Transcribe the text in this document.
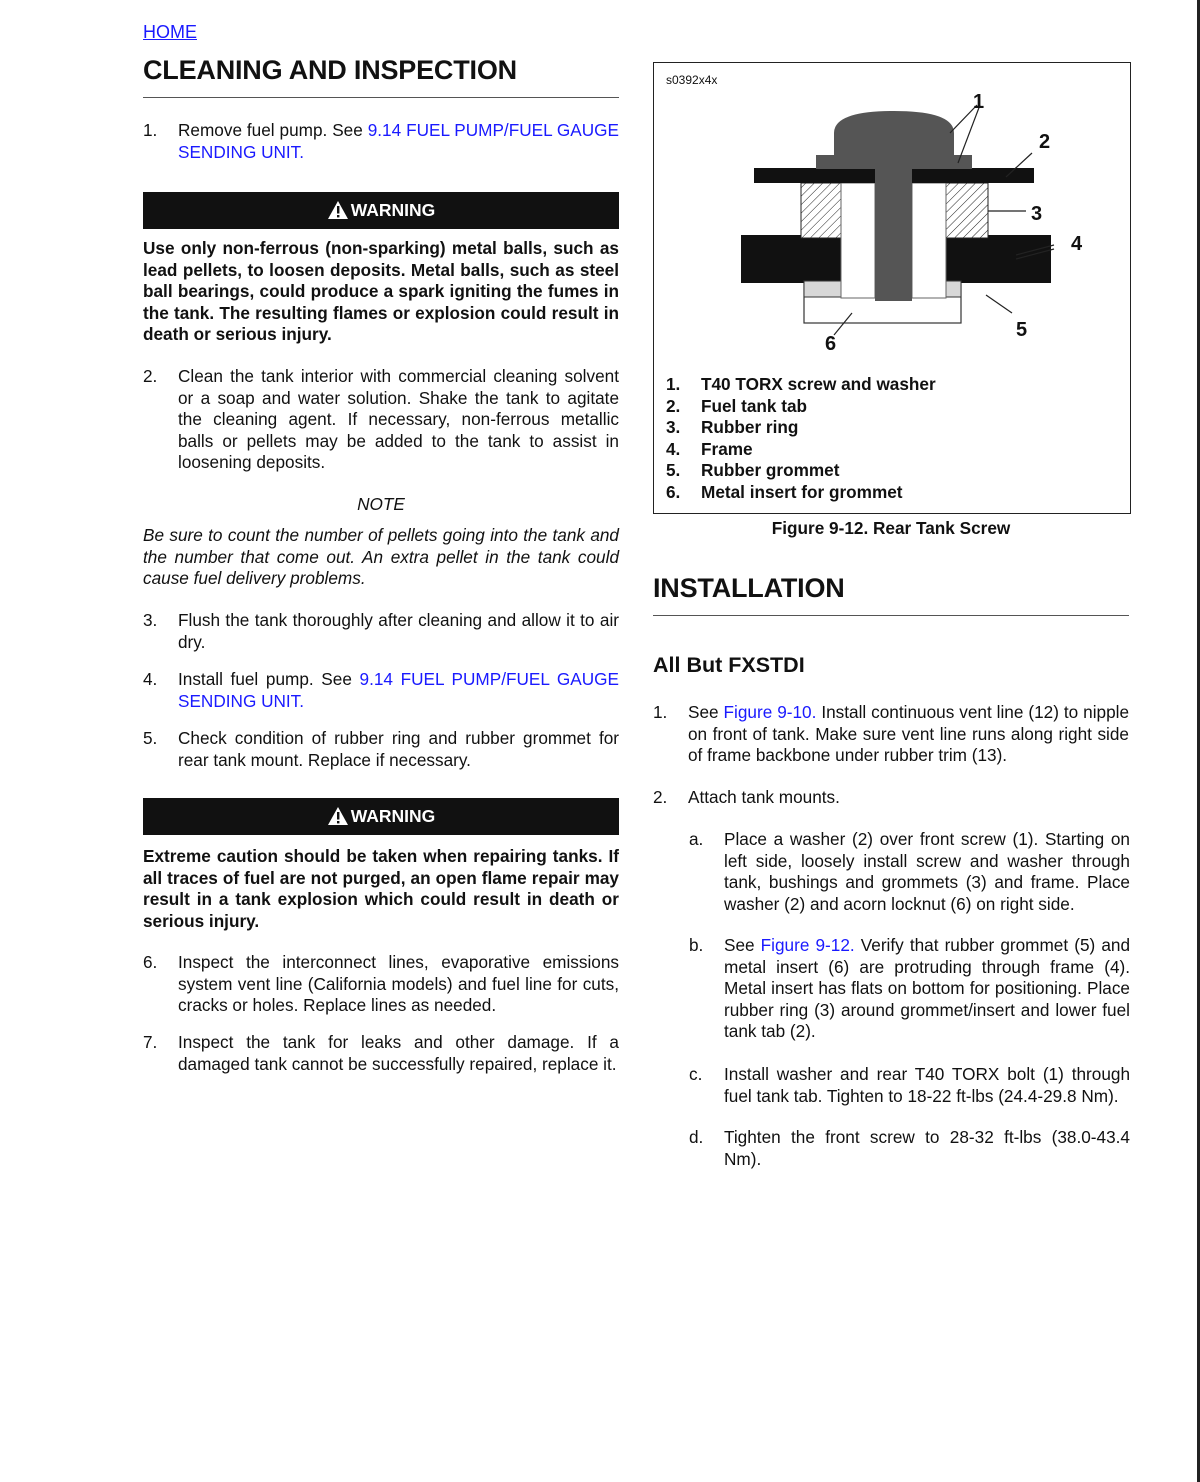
HOME
CLEANING AND INSPECTION
1. Remove fuel pump. See 9.14 FUEL PUMP/FUEL GAUGE SENDING UNIT.
WARNING
Use only non-ferrous (non-sparking) metal balls, such as lead pellets, to loosen deposits. Metal balls, such as steel ball bearings, could produce a spark igniting the fumes in the tank. The resulting flames or explosion could result in death or serious injury.
2. Clean the tank interior with commercial cleaning solvent or a soap and water solution. Shake the tank to agitate the cleaning agent. If necessary, non-ferrous metallic balls or pellets may be added to the tank to assist in loosening deposits.
NOTE
Be sure to count the number of pellets going into the tank and the number that come out. An extra pellet in the tank could cause fuel delivery problems.
3. Flush the tank thoroughly after cleaning and allow it to air dry.
4. Install fuel pump. See 9.14 FUEL PUMP/FUEL GAUGE SENDING UNIT.
5. Check condition of rubber ring and rubber grommet for rear tank mount. Replace if necessary.
WARNING
Extreme caution should be taken when repairing tanks. If all traces of fuel are not purged, an open flame repair may result in a tank explosion which could result in death or serious injury.
6. Inspect the interconnect lines, evaporative emissions system vent line (California models) and fuel line for cuts, cracks or holes. Replace lines as needed.
7. Inspect the tank for leaks and other damage. If a damaged tank cannot be successfully repaired, replace it.
s0392x4x
1
2
3
4
5
6
1. T40 TORX screw and washer
2. Fuel tank tab
3. Rubber ring
4. Frame
5. Rubber grommet
6. Metal insert for grommet
Figure 9-12. Rear Tank Screw
INSTALLATION
All But FXSTDI
1. See Figure 9-10. Install continuous vent line (12) to nipple on front of tank. Make sure vent line runs along right side of frame backbone under rubber trim (13).
2. Attach tank mounts.
a. Place a washer (2) over front screw (1). Starting on left side, loosely install screw and washer through tank, bushings and grommets (3) and frame. Place washer (2) and acorn locknut (6) on right side.
b. See Figure 9-12. Verify that rubber grommet (5) and metal insert (6) are protruding through frame (4). Metal insert has flats on bottom for positioning. Place rubber ring (3) around grommet/insert and lower fuel tank tab (2).
c. Install washer and rear T40 TORX bolt (1) through fuel tank tab. Tighten to 18-22 ft-lbs (24.4-29.8 Nm).
d. Tighten the front screw to 28-32 ft-lbs (38.0-43.4 Nm).
